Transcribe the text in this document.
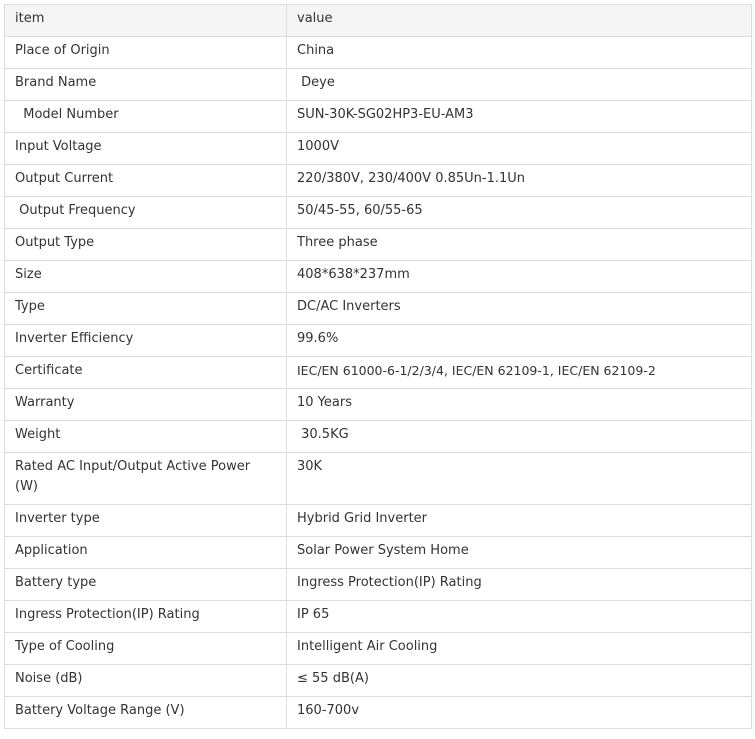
item	value
Place of Origin	China
Brand Name	Deye
Model Number	SUN-30K-SG02HP3-EU-AM3
Input Voltage	1000V
Output Current	220/380V, 230/400V 0.85Un-1.1Un
Output Frequency	50/45-55, 60/55-65
Output Type	Three phase
Size	408*638*237mm
Type	DC/AC Inverters
Inverter Efficiency	99.6%
Certificate	IEC/EN 61000-6-1/2/3/4, IEC/EN 62109-1, IEC/EN 62109-2
Warranty	10 Years
Weight	30.5KG
Rated AC Input/Output Active Power (W)	30K
Inverter type	Hybrid Grid Inverter
Application	Solar Power System Home
Battery type	Ingress Protection(IP) Rating
Ingress Protection(IP) Rating	IP 65
Type of Cooling	Intelligent Air Cooling
Noise (dB)	≤ 55 dB(A)
Battery Voltage Range (V)	160-700v
